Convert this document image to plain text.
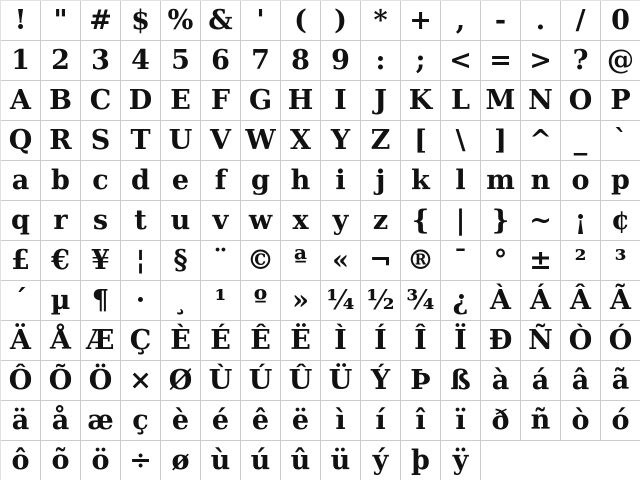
!	" # $ % & '	(	) * + ,	-	.	/ 0
1 2 3 4 5 6 7 8 9 :	; < = > ? @
A B C D E F G H I	J K L M N O P
Q R S T U V W X Y Z [	\	] ^ _ `
a b c d e f g h i	j k l m n o p
q r s t u v w x y z { | } ~ ¡ ¢
£ € ¥ ¦	§ ¨ © ª « ¬ ® ¯ ° ± ²	³
´ µ ¶ ·	¸	¹	º » ¼ ½ ¾ ¿ À Á Â Ã
Ä Å Æ Ç È É Ê Ë Ì	Í	Î	Ï Ð Ñ Ò Ó
Ô Õ Ö × Ø Ù Ú Û Ü Ý Þ ß à á â ã
ä å æ ç è é ê ë ì	í	î	ï ð ñ ò ó
ô õ ö ÷ ø ù ú û ü ý þ ÿ
